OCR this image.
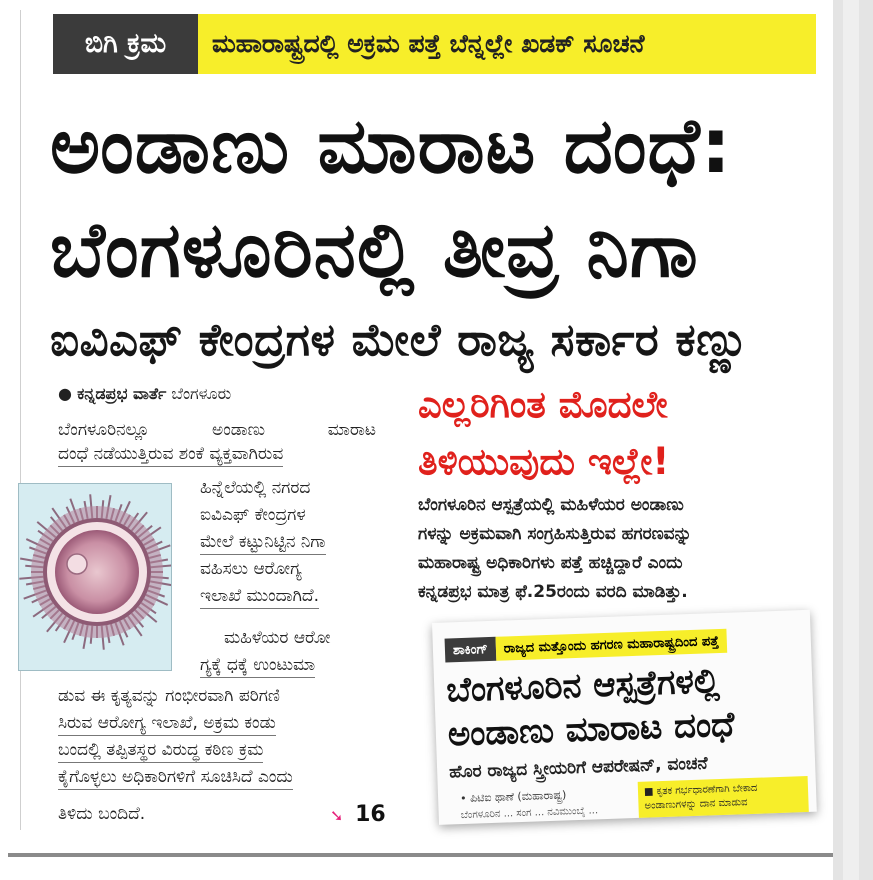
ಬಿಗಿ ಕ್ರಮ	ಮಹಾರಾಷ್ಟ್ರದಲ್ಲಿ ಅಕ್ರಮ ಪತ್ತೆ ಬೆನ್ನಲ್ಲೇ ಖಡಕ್ ಸೂಚನೆ
ಅಂಡಾಣು ಮಾರಾಟ ದಂಧೆ:
ಬೆಂಗಳೂರಿನಲ್ಲಿ ತೀವ್ರ ನಿಗಾ
ಐವಿಎಫ್ ಕೇಂದ್ರಗಳ ಮೇಲೆ ರಾಜ್ಯ ಸರ್ಕಾರ ಕಣ್ಣು
● ಕನ್ನಡಪ್ರಭ ವಾರ್ತೆ ಬೆಂಗಳೂರು
ಬೆಂಗಳೂರಿನಲ್ಲೂ ಅಂಡಾಣು ಮಾರಾಟ
ದಂಧೆ ನಡೆಯುತ್ತಿರುವ ಶಂಕೆ ವ್ಯಕ್ತವಾಗಿರುವ
ಹಿನ್ನೆಲೆಯಲ್ಲಿ ನಗರದ
ಐವಿಎಫ್ ಕೇಂದ್ರಗಳ
ಮೇಲೆ ಕಟ್ಟುನಿಟ್ಟಿನ ನಿಗಾ
ವಹಿಸಲು ಆರೋಗ್ಯ
ಇಲಾಖೆ ಮುಂದಾಗಿದೆ.
ಮಹಿಳೆಯರ ಆರೋ
ಗ್ಯಕ್ಕೆ ಧಕ್ಕೆ ಉಂಟುಮಾ
ಡುವ ಈ ಕೃತ್ಯವನ್ನು ಗಂಭೀರವಾಗಿ ಪರಿಗಣಿ
ಸಿರುವ ಆರೋಗ್ಯ ಇಲಾಖೆ, ಅಕ್ರಮ ಕಂಡು
ಬಂದಲ್ಲಿ ತಪ್ಪಿತಸ್ಥರ ವಿರುದ್ಧ ಕಠಿಣ ಕ್ರಮ
ಕೈಗೊಳ್ಳಲು ಅಧಿಕಾರಿಗಳಿಗೆ ಸೂಚಿಸಿದೆ ಎಂದು
ತಿಳಿದು ಬಂದಿದೆ.	➘ 16
ಎಲ್ಲರಿಗಿಂತ ಮೊದಲೇ
ತಿಳಿಯುವುದು ಇಲ್ಲೇ!
ಬೆಂಗಳೂರಿನ ಆಸ್ಪತ್ರೆಯಲ್ಲಿ ಮಹಿಳೆಯರ ಅಂಡಾಣು
ಗಳನ್ನು ಅಕ್ರಮವಾಗಿ ಸಂಗ್ರಹಿಸುತ್ತಿರುವ ಹಗರಣವನ್ನು
ಮಹಾರಾಷ್ಟ್ರ ಅಧಿಕಾರಿಗಳು ಪತ್ತೆ ಹಚ್ಚಿದ್ದಾರೆ ಎಂದು
ಕನ್ನಡಪ್ರಭ ಮಾತ್ರ ಫೆ.25ರಂದು ವರದಿ ಮಾಡಿತ್ತು.
ಶಾಕಿಂಗ್	ರಾಜ್ಯದ ಮತ್ತೊಂದು ಹಗರಣ ಮಹಾರಾಷ್ಟ್ರದಿಂದ ಪತ್ತೆ
ಬೆಂಗಳೂರಿನ ಆಸ್ಪತ್ರೆಗಳಲ್ಲಿ
ಅಂಡಾಣು ಮಾರಾಟ ದಂಧೆ
ಹೊರ ರಾಜ್ಯದ ಸ್ತ್ರೀಯರಿಗೆ ಆಪರೇಷನ್, ವಂಚನೆ
• ಪಿಟಿಐ ಥಾಣೆ (ಮಹಾರಾಷ್ಟ್ರ)
ಬೆಂಗಳೂರಿನ ... ಸಂಗ ... ನವಿಮುಂಬೈ ...
■ ಕೃತಕ ಗರ್ಭಧಾರಣೆಗಾಗಿ ಬೇಕಾದ
ಅಂಡಾಣುಗಳನ್ನು ದಾನ ಮಾಡುವ
